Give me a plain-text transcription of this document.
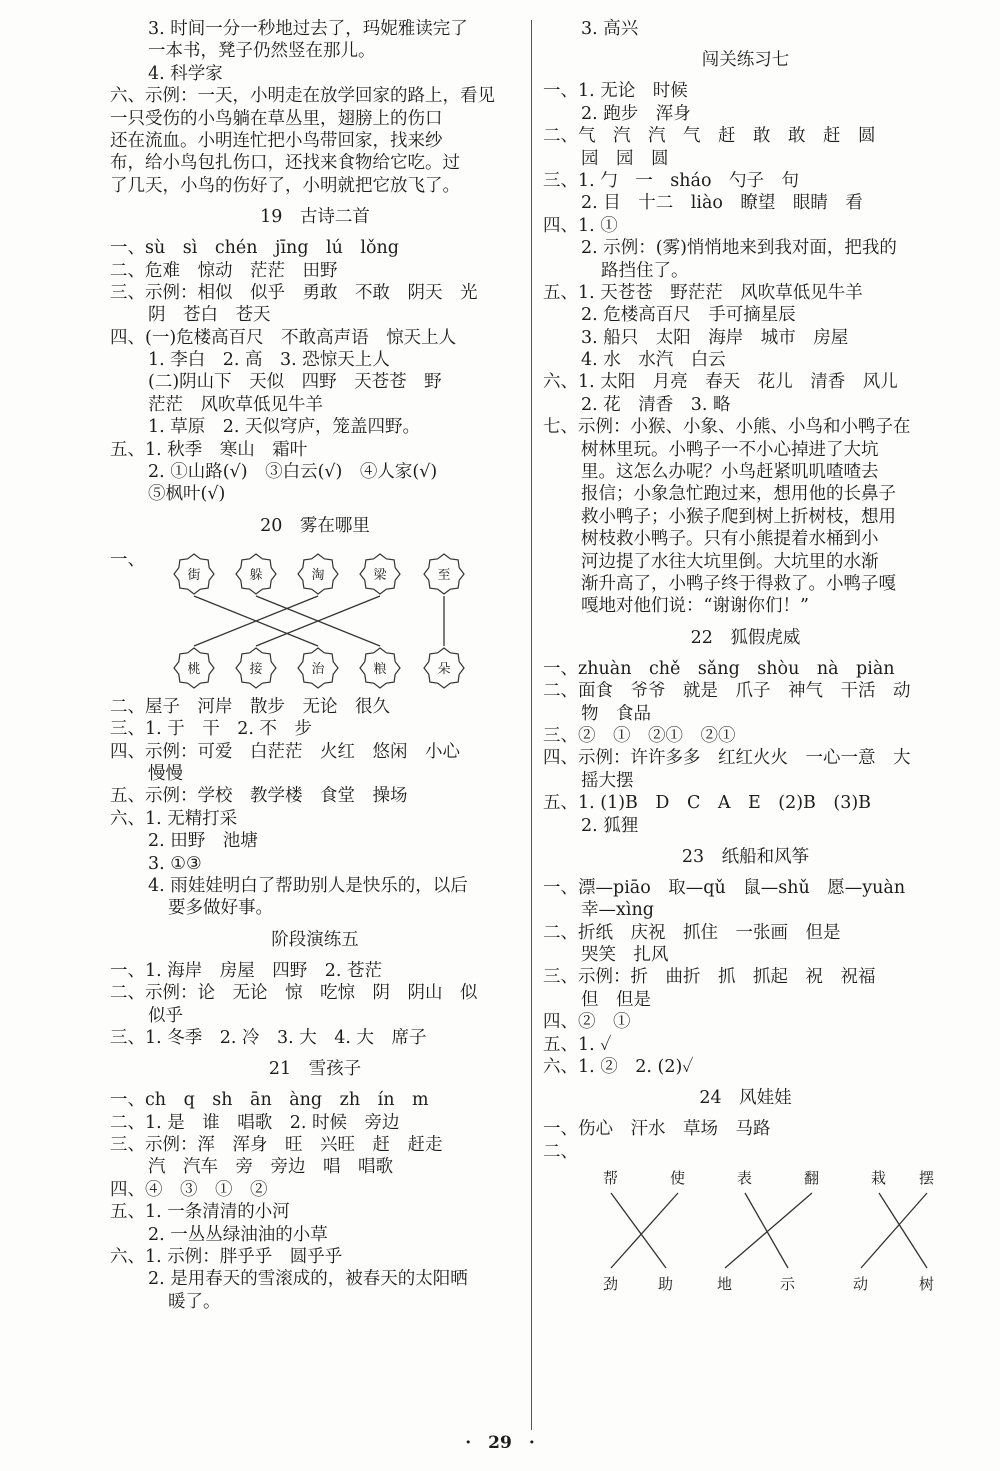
3. 时间一分一秒地过去了，玛妮雅读完了
一本书，凳子仍然竖在那儿。
4. 科学家
六、示例：一天，小明走在放学回家的路上，看见
一只受伤的小鸟躺在草丛里，翅膀上的伤口
还在流血。小明连忙把小鸟带回家，找来纱
布，给小鸟包扎伤口，还找来食物给它吃。过
了几天，小鸟的伤好了，小明就把它放飞了。
19　古诗二首
一、sù　sì　chén　jīng　lú　lǒng
二、危难　惊动　茫茫　田野
三、示例：相似　似乎　勇敢　不敢　阴天　光
阴　苍白　苍天
四、(一)危楼高百尺　不敢高声语　惊天上人
1. 李白　2. 高　3. 恐惊天上人
(二)阴山下　天似　四野　天苍苍　野
茫茫　风吹草低见牛羊
1. 草原　2. 天似穹庐，笼盖四野。
五、1. 秋季　寒山　霜叶
2. ①山路(√)　③白云(√)　④人家(√)
⑤枫叶(√)
20　雾在哪里
一、
街	躲	淘	梁	至
桃	接	治	粮	朵
二、屋子　河岸　散步　无论　很久
三、1. 于　干　2. 不　步
四、示例：可爱　白茫茫　火红　悠闲　小心
慢慢
五、示例：学校　教学楼　食堂　操场
六、1. 无精打采
2. 田野　池塘
3. ①③
4. 雨娃娃明白了帮助别人是快乐的，以后
要多做好事。
阶段演练五
一、1. 海岸　房屋　四野　2. 苍茫
二、示例：论　无论　惊　吃惊　阴　阴山　似
似乎
三、1. 冬季　2. 冷　3. 大　4. 大　席子
21　雪孩子
一、ch　q　sh　ān　àng　zh　ín　m
二、1. 是　谁　唱歌　2. 时候　旁边
三、示例：浑　浑身　旺　兴旺　赶　赶走
汽　汽车　旁　旁边　唱　唱歌
四、④　③　①　②
五、1. 一条清清的小河
2. 一丛丛绿油油的小草
六、1. 示例：胖乎乎　圆乎乎
2. 是用春天的雪滚成的，被春天的太阳晒
暖了。
3. 高兴
闯关练习七
一、1. 无论　时候
2. 跑步　浑身
二、气　汽　汽　气　赶　敢　敢　赶　圆
园　园　圆
三、1. 勹　一　sháo　勺子　句
2. 目　十二　liào　瞭望　眼睛　看
四、1. ①
2. 示例：(雾)悄悄地来到我对面，把我的
路挡住了。
五、1. 天苍苍　野茫茫　风吹草低见牛羊
2. 危楼高百尺　手可摘星辰
3. 船只　太阳　海岸　城市　房屋
4. 水　水汽　白云
六、1. 太阳　月亮　春天　花儿　清香　风儿
2. 花　清香　3. 略
七、示例：小猴、小象、小熊、小鸟和小鸭子在
树林里玩。小鸭子一不小心掉进了大坑
里。这怎么办呢？小鸟赶紧叽叽喳喳去
报信；小象急忙跑过来，想用他的长鼻子
救小鸭子；小猴子爬到树上折树枝，想用
树枝救小鸭子。只有小熊提着水桶到小
河边提了水往大坑里倒。大坑里的水渐
渐升高了，小鸭子终于得救了。小鸭子嘎
嘎地对他们说：“谢谢你们！”
22　狐假虎威
一、zhuàn　chě　sǎng　shòu　nà　piàn
二、面食　爷爷　就是　爪子　神气　干活　动
物　食品
三、②　①　②①　②①
四、示例：许许多多　红红火火　一心一意　大
摇大摆
五、1. (1)B　D　C　A　E　(2)B　(3)B
2. 狐狸
23　纸船和风筝
一、漂—piāo　取—qǔ　鼠—shǔ　愿—yuàn
幸—xìng
二、折纸　庆祝　抓住　一张画　但是
哭笑　扎风
三、示例：折　曲折　抓　抓起　祝　祝福
但　但是
四、②　①
五、1. ✓
六、1. ②　2. (2)✓
24　风娃娃
一、伤心　汗水　草场　马路
二、
帮	使	表	翻	栽 摆
劲	助	地	示	动	树
·　29　·
